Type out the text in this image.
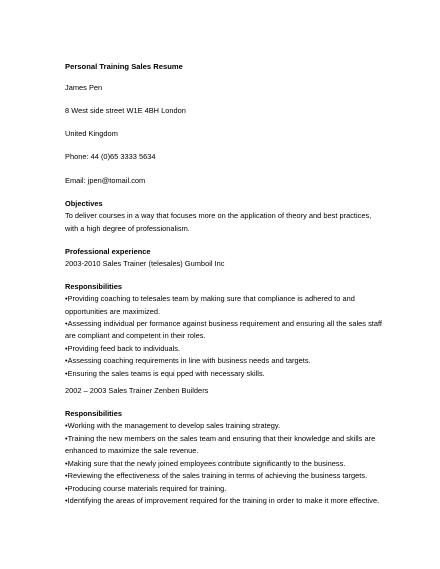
Personal Training Sales Resume
James Pen
8 West side street W1E 4BH London
United Kingdom
Phone: 44 (0)65 3333 5634
Email: jpen@tomail.com
Objectives
To deliver courses in a way that focuses more on the application of theory and best practices,
with a high degree of professionalism.
Professional experience
2003-2010 Sales Trainer (telesales) Gumboil Inc
Responsibilities
•Providing coaching to telesales team by making sure that compliance is adhered to and
opportunities are maximized.
•Assessing individual per formance against business requirement and ensuring all the sales staff
are compliant and competent in their roles.
•Providing feed back to individuals.
•Assessing coaching requirements in line with business needs and targets.
•Ensuring the sales teams is equi pped with necessary skills.
2002 – 2003 Sales Trainer Zenben Builders
Responsibilities
•Working with the management to develop sales training strategy.
•Training the new members on the sales team and ensuring that their knowledge and skills are
enhanced to maximize the sale revenue.
•Making sure that the newly joined employees contribute significantly to the business.
•Reviewing the effectiveness of the sales training in terms of achieving the business targets.
•Producing course materials required for training.
•Identifying the areas of improvement required for the training in order to make it more effective.
